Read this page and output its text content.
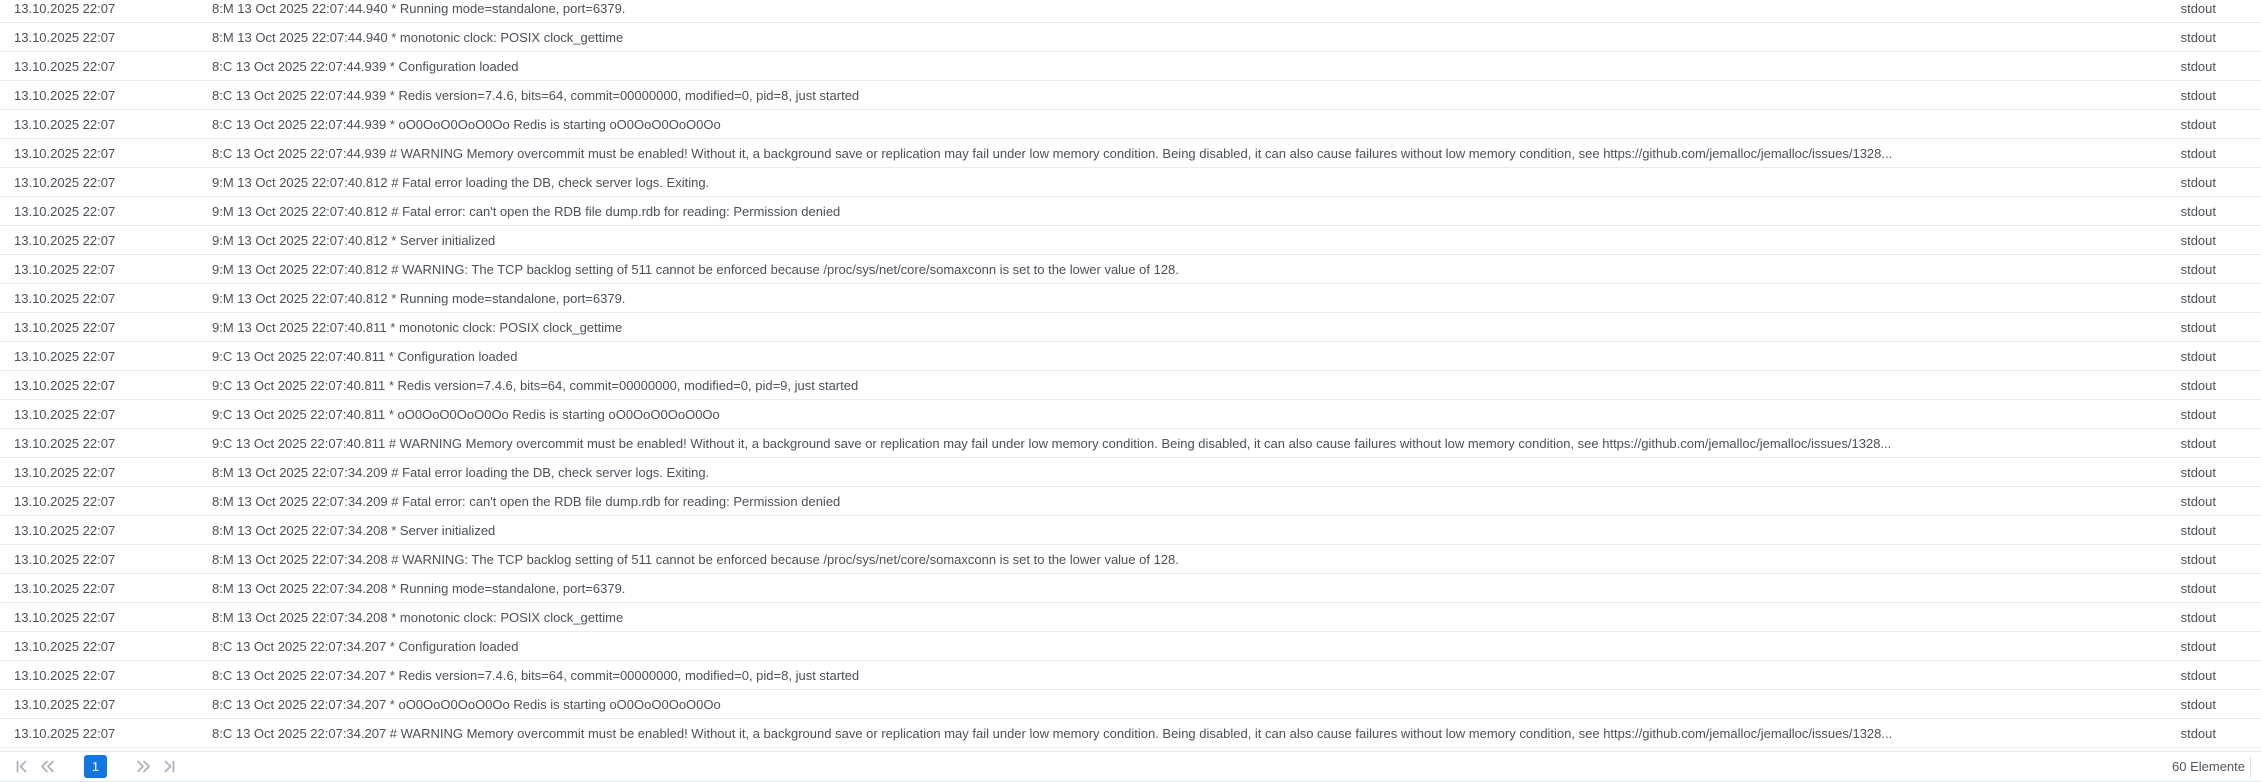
13.10.2025 22:07	8:M 13 Oct 2025 22:07:44.940 * Running mode=standalone, port=6379.	stdout
13.10.2025 22:07	8:M 13 Oct 2025 22:07:44.940 * monotonic clock: POSIX clock_gettime	stdout
13.10.2025 22:07	8:C 13 Oct 2025 22:07:44.939 * Configuration loaded	stdout
13.10.2025 22:07	8:C 13 Oct 2025 22:07:44.939 * Redis version=7.4.6, bits=64, commit=00000000, modified=0, pid=8, just started	stdout
13.10.2025 22:07	8:C 13 Oct 2025 22:07:44.939 * oO0OoO0OoO0Oo Redis is starting oO0OoO0OoO0Oo	stdout
13.10.2025 22:07	8:C 13 Oct 2025 22:07:44.939 # WARNING Memory overcommit must be enabled! Without it, a background save or replication may fail under low memory condition. Being disabled, it can also cause failures without low memory condition, see https://github.com/jemalloc/jemalloc/issues/1328...	stdout
13.10.2025 22:07	9:M 13 Oct 2025 22:07:40.812 # Fatal error loading the DB, check server logs. Exiting.	stdout
13.10.2025 22:07	9:M 13 Oct 2025 22:07:40.812 # Fatal error: can't open the RDB file dump.rdb for reading: Permission denied	stdout
13.10.2025 22:07	9:M 13 Oct 2025 22:07:40.812 * Server initialized	stdout
13.10.2025 22:07	9:M 13 Oct 2025 22:07:40.812 # WARNING: The TCP backlog setting of 511 cannot be enforced because /proc/sys/net/core/somaxconn is set to the lower value of 128.	stdout
13.10.2025 22:07	9:M 13 Oct 2025 22:07:40.812 * Running mode=standalone, port=6379.	stdout
13.10.2025 22:07	9:M 13 Oct 2025 22:07:40.811 * monotonic clock: POSIX clock_gettime	stdout
13.10.2025 22:07	9:C 13 Oct 2025 22:07:40.811 * Configuration loaded	stdout
13.10.2025 22:07	9:C 13 Oct 2025 22:07:40.811 * Redis version=7.4.6, bits=64, commit=00000000, modified=0, pid=9, just started	stdout
13.10.2025 22:07	9:C 13 Oct 2025 22:07:40.811 * oO0OoO0OoO0Oo Redis is starting oO0OoO0OoO0Oo	stdout
13.10.2025 22:07	9:C 13 Oct 2025 22:07:40.811 # WARNING Memory overcommit must be enabled! Without it, a background save or replication may fail under low memory condition. Being disabled, it can also cause failures without low memory condition, see https://github.com/jemalloc/jemalloc/issues/1328...	stdout
13.10.2025 22:07	8:M 13 Oct 2025 22:07:34.209 # Fatal error loading the DB, check server logs. Exiting.	stdout
13.10.2025 22:07	8:M 13 Oct 2025 22:07:34.209 # Fatal error: can't open the RDB file dump.rdb for reading: Permission denied	stdout
13.10.2025 22:07	8:M 13 Oct 2025 22:07:34.208 * Server initialized	stdout
13.10.2025 22:07	8:M 13 Oct 2025 22:07:34.208 # WARNING: The TCP backlog setting of 511 cannot be enforced because /proc/sys/net/core/somaxconn is set to the lower value of 128.	stdout
13.10.2025 22:07	8:M 13 Oct 2025 22:07:34.208 * Running mode=standalone, port=6379.	stdout
13.10.2025 22:07	8:M 13 Oct 2025 22:07:34.208 * monotonic clock: POSIX clock_gettime	stdout
13.10.2025 22:07	8:C 13 Oct 2025 22:07:34.207 * Configuration loaded	stdout
13.10.2025 22:07	8:C 13 Oct 2025 22:07:34.207 * Redis version=7.4.6, bits=64, commit=00000000, modified=0, pid=8, just started	stdout
13.10.2025 22:07	8:C 13 Oct 2025 22:07:34.207 * oO0OoO0OoO0Oo Redis is starting oO0OoO0OoO0Oo	stdout
13.10.2025 22:07	8:C 13 Oct 2025 22:07:34.207 # WARNING Memory overcommit must be enabled! Without it, a background save or replication may fail under low memory condition. Being disabled, it can also cause failures without low memory condition, see https://github.com/jemalloc/jemalloc/issues/1328...	stdout
1	60 Elemente
